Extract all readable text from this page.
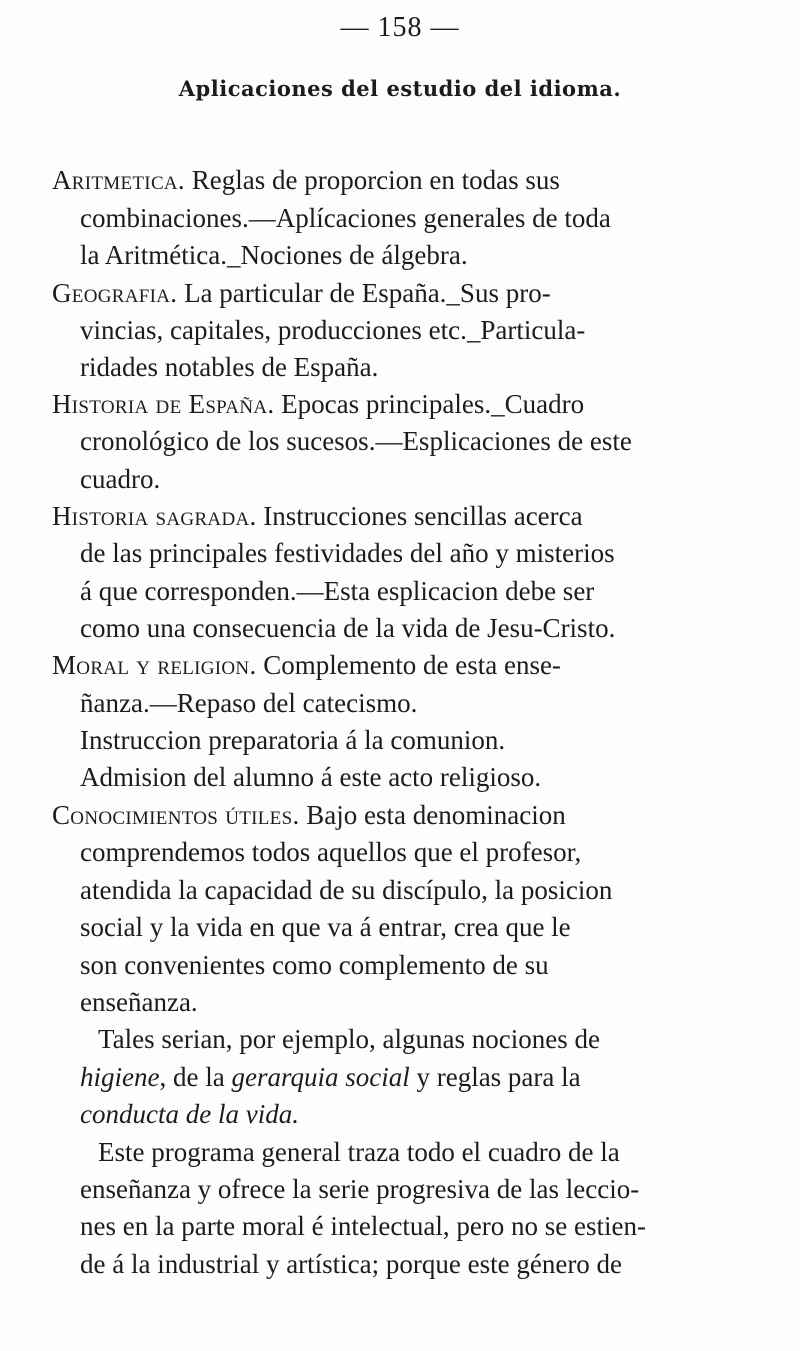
— 158 —
Aplicaciones del estudio del idioma.
Aritmetica. Reglas de proporcion en todas sus
combinaciones.—Aplícaciones generales de toda
la Aritmética._Nociones de álgebra.
Geografia. La particular de España._Sus pro-
vincias, capitales, producciones etc._Particula-
ridades notables de España.
Historia de España. Epocas principales._Cuadro
cronológico de los sucesos.—Esplicaciones de este
cuadro.
Historia sagrada. Instrucciones sencillas acerca
de las principales festividades del año y misterios
á que corresponden.—Esta esplicacion debe ser
como una consecuencia de la vida de Jesu-Cristo.
Moral y religion. Complemento de esta ense-
ñanza.—Repaso del catecismo.
Instruccion preparatoria á la comunion.
Admision del alumno á este acto religioso.
Conocimientos útiles. Bajo esta denominacion
comprendemos todos aquellos que el profesor,
atendida la capacidad de su discípulo, la posicion
social y la vida en que va á entrar, crea que le
son convenientes como complemento de su
enseñanza.
Tales serian, por ejemplo, algunas nociones de
higiene, de la gerarquia social y reglas para la
conducta de la vida.
Este programa general traza todo el cuadro de la
enseñanza y ofrece la serie progresiva de las leccio-
nes en la parte moral é intelectual, pero no se estien-
de á la industrial y artística; porque este género de
